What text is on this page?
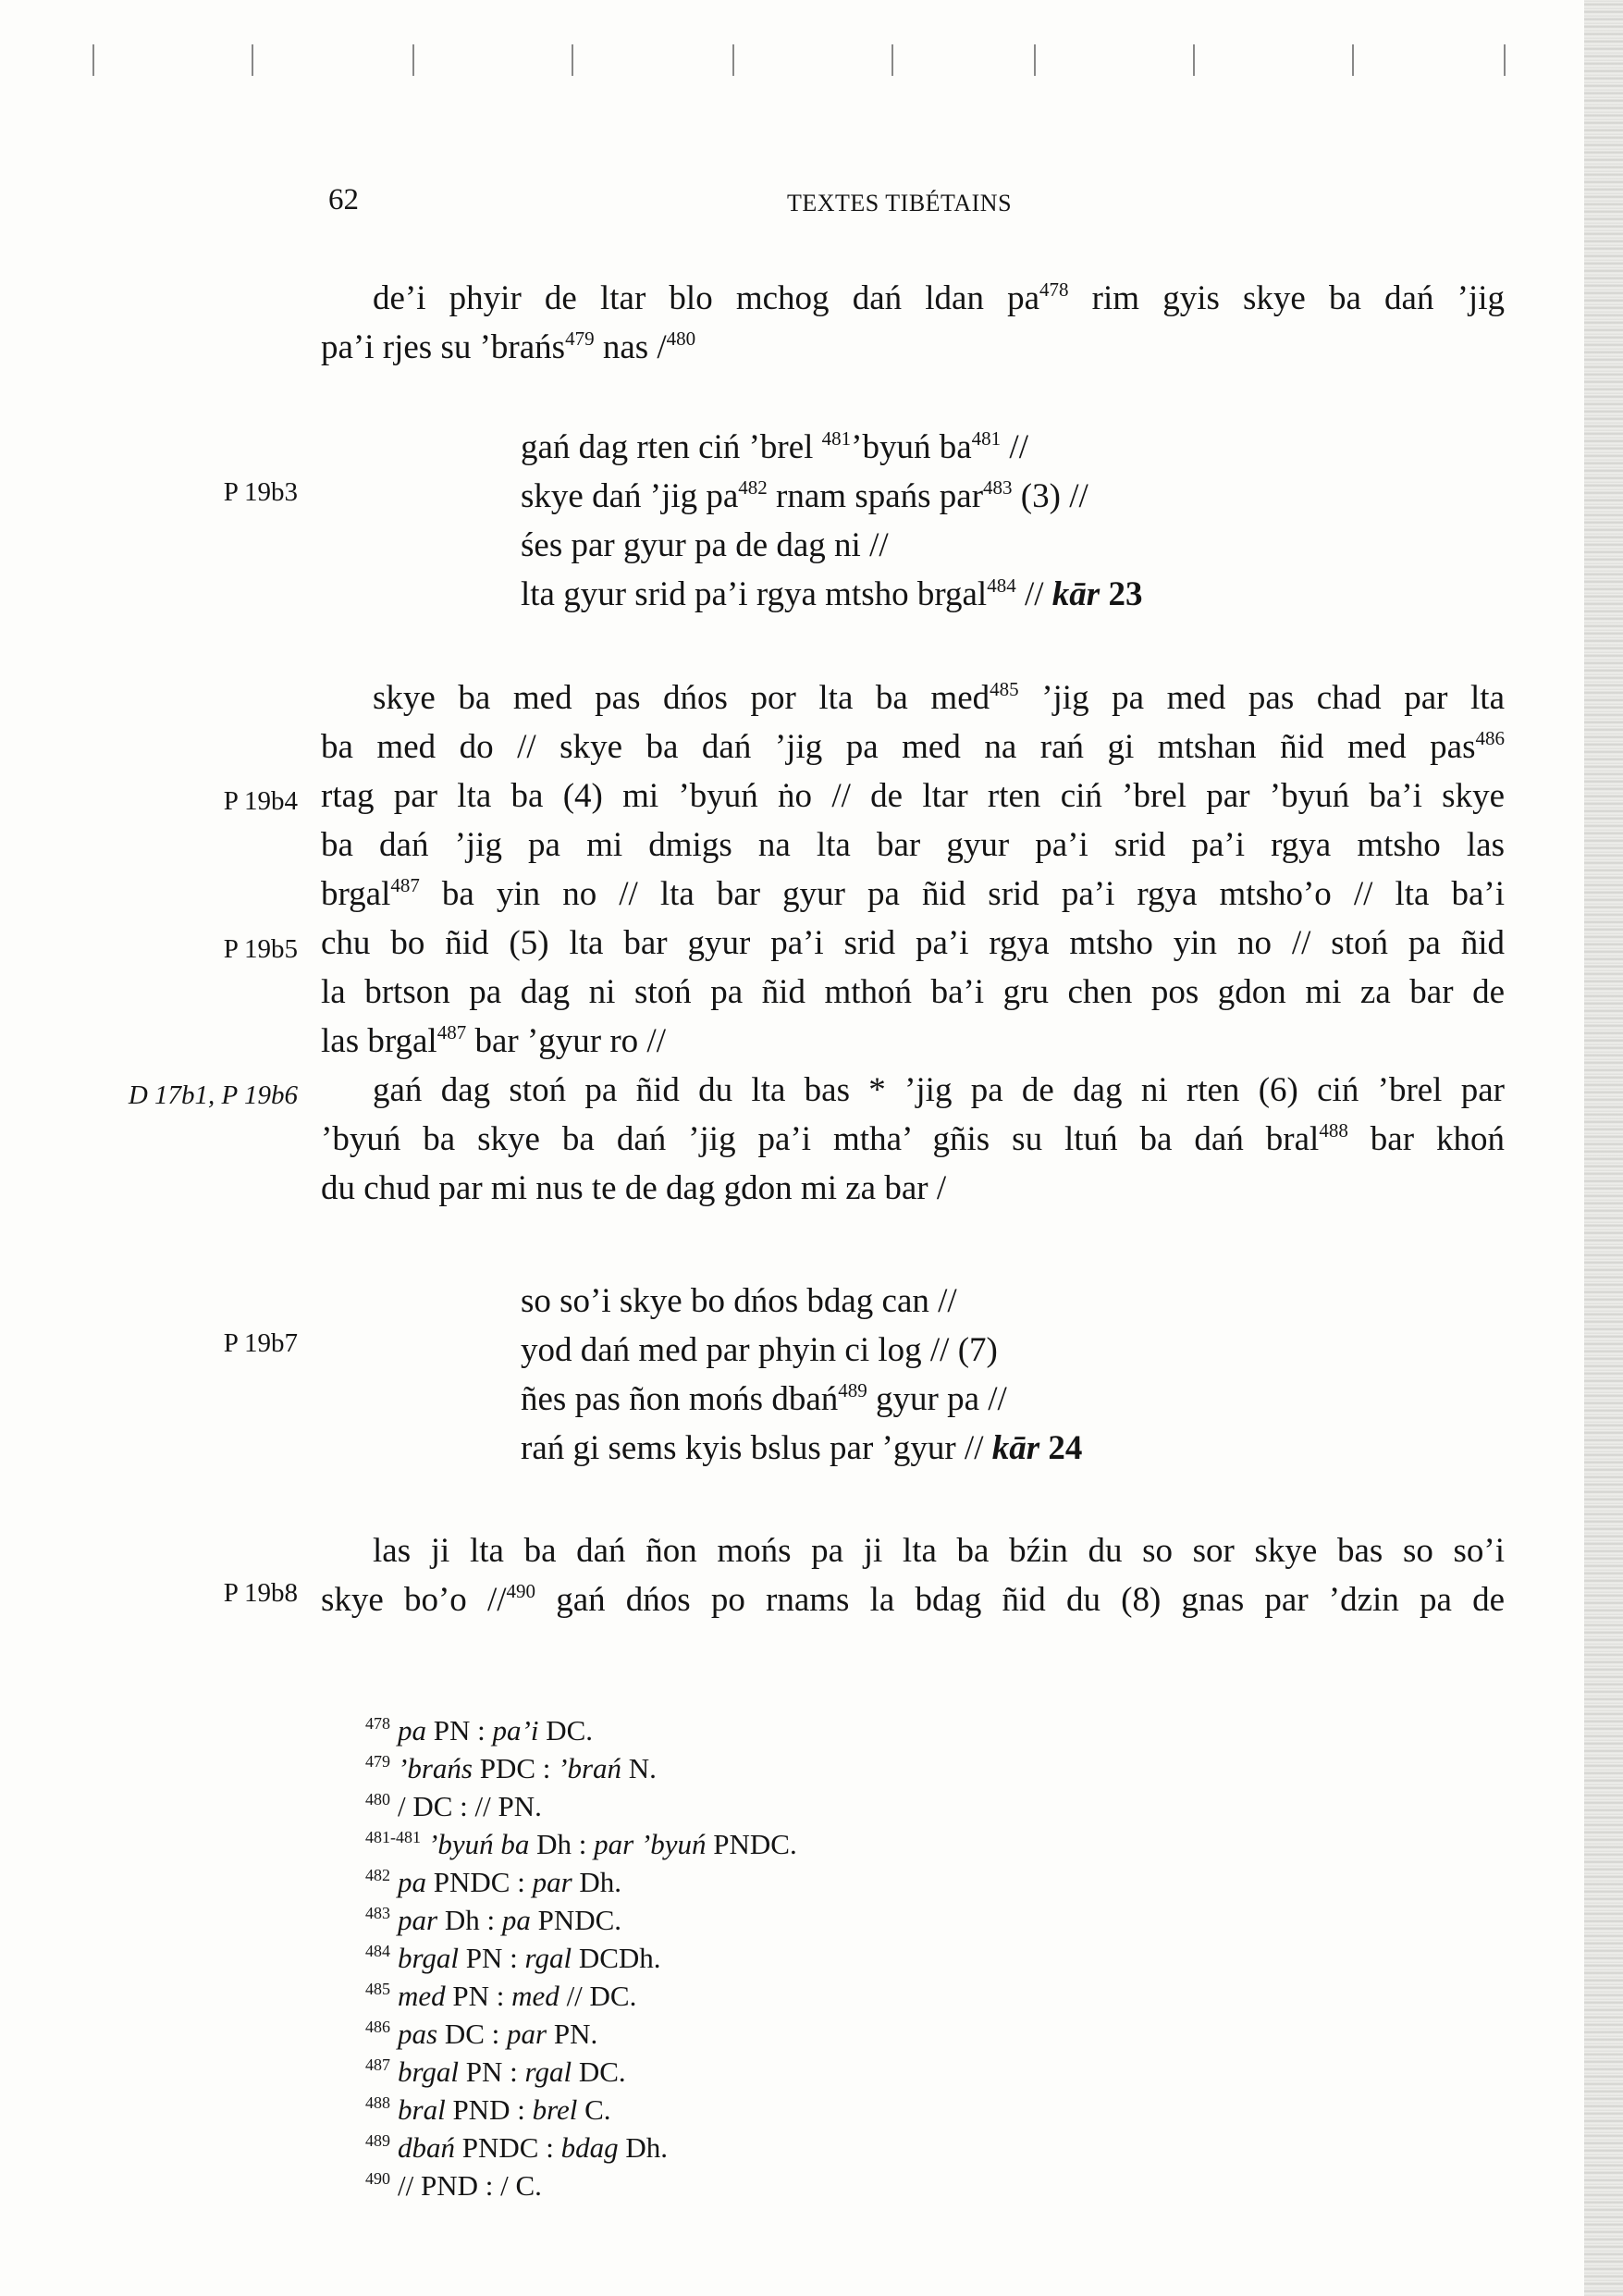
62	TEXTES TIBÉTAINS
de’i phyir de ltar blo mchog dań ldan $pa^{478}$ rim gyis skye ba dań ’jig
pa’i rjes su ’brańs$^{479}$ nas /$^{480}$
gań dag rten ciń ’brel $^{481}$’byuń $ba^{481}$ //
skye dań ’jig $pa^{482}$ rnam spańs par$^{483}$ (3) //
śes par gyur pa de dag ni //
lta gyur srid pa’i rgya mtsho brgal$^{484}$ // kār 23
skye ba med pas dńos por lta ba med$^{485}$ ’jig pa med pas chad par lta
ba med do // skye ba dań ’jig pa med na rań gi mtshan ñid med pas$^{486}$
rtag par lta ba (4) mi ’byuń ṅo // de ltar rten ciń ’brel par ’byuń ba’i skye
ba dań ’jig pa mi dmigs na lta bar gyur pa’i srid pa’i rgya mtsho las
brgal$^{487}$ ba yin no // lta bar gyur pa ñid srid pa’i rgya mtsho’o // lta ba’i
chu bo ñid (5) lta bar gyur pa’i srid pa’i rgya mtsho yin no // stoń pa ñid
la brtson pa dag ni stoń pa ñid mthoń ba’i gru chen pos gdon mi za bar de
las brgal$^{487}$ bar ’gyur ro //
gań dag stoń pa ñid du lta bas * ’jig pa de dag ni rten (6) ciń ’brel par
’byuń ba skye ba dań ’jig pa’i mtha’ gñis su ltuń ba dań bral$^{488}$ bar khoń
du chud par mi nus te de dag gdon mi za bar /
so so’i skye bo dńos bdag can //
yod dań med par phyin ci log // (7)
ñes pas ñon mońs dbań$^{489}$ gyur pa //
rań gi sems kyis bslus par ’gyur // kār 24
las ji lta ba dań ñon mońs pa ji lta ba bźin du so sor skye bas so so’i
skye bo’o //$^{490}$ gań dńos po rnams la bdag ñid du (8) gnas par ’dzin pa de
P 19b3
P 19b4
P 19b5
D 17b1, P 19b6
P 19b7
P 19b8
$^{478}$ pa PN : pa’i DC.
$^{479}$ ’brańs PDC : ’brań N.
$^{480}$ / DC : // PN.
$^{481-481}$ ’byuń ba Dh : par ’byuń PNDC.
$^{482}$ pa PNDC : par Dh.
$^{483}$ par Dh : pa PNDC.
$^{484}$ brgal PN : rgal DCDh.
$^{485}$ med PN : med // DC.
$^{486}$ pas DC : par PN.
$^{487}$ brgal PN : rgal DC.
$^{488}$ bral PND : brel C.
$^{489}$ dbań PNDC : bdag Dh.
$^{490}$ // PND : / C.
